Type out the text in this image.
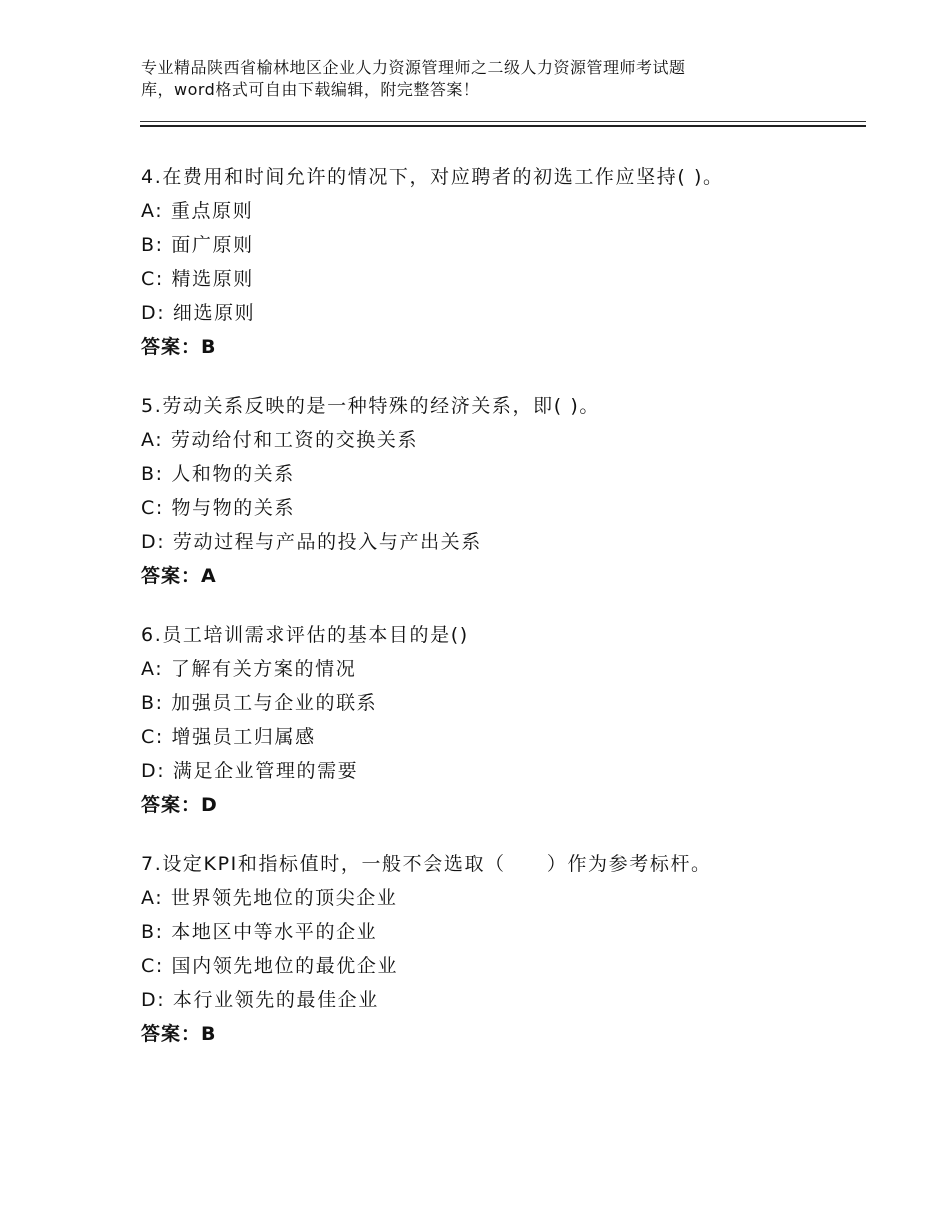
专业精品陕西省榆林地区企业人力资源管理师之二级人力资源管理师考试题
库，word格式可自由下载编辑，附完整答案！
4.在费用和时间允许的情况下，对应聘者的初选工作应坚持( )。
A: 重点原则
B: 面广原则
C: 精选原则
D: 细选原则
答案：B
5.劳动关系反映的是一种特殊的经济关系，即( )。
A: 劳动给付和工资的交换关系
B: 人和物的关系
C: 物与物的关系
D: 劳动过程与产品的投入与产出关系
答案：A
6.员工培训需求评估的基本目的是()
A: 了解有关方案的情况
B: 加强员工与企业的联系
C: 增强员工归属感
D: 满足企业管理的需要
答案：D
7.设定KPI和指标值时，一般不会选取（　　）作为参考标杆。
A: 世界领先地位的顶尖企业
B: 本地区中等水平的企业
C: 国内领先地位的最优企业
D: 本行业领先的最佳企业
答案：B
